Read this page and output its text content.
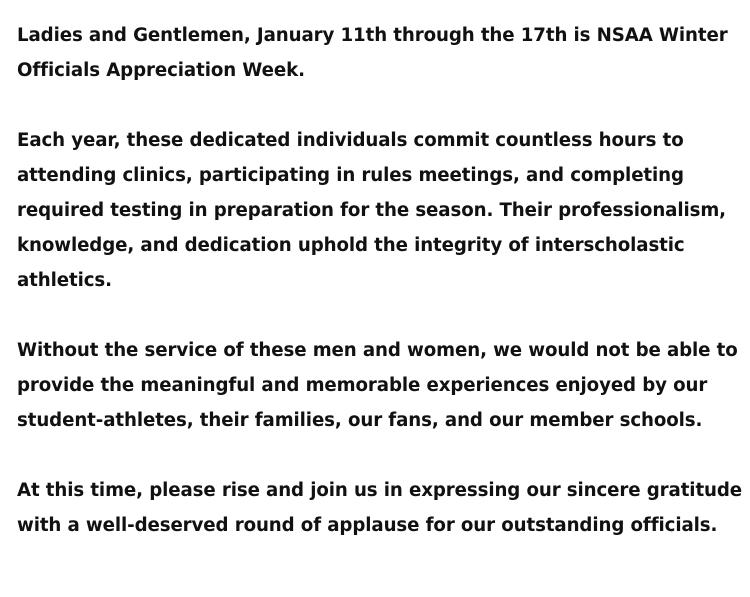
Ladies and Gentlemen, January 11th through the 17th is NSAA Winter
Officials Appreciation Week.

Each year, these dedicated individuals commit countless hours to
attending clinics, participating in rules meetings, and completing
required testing in preparation for the season. Their professionalism,
knowledge, and dedication uphold the integrity of interscholastic
athletics.

Without the service of these men and women, we would not be able to
provide the meaningful and memorable experiences enjoyed by our
student-athletes, their families, our fans, and our member schools.

At this time, please rise and join us in expressing our sincere gratitude
with a well-deserved round of applause for our outstanding officials.
